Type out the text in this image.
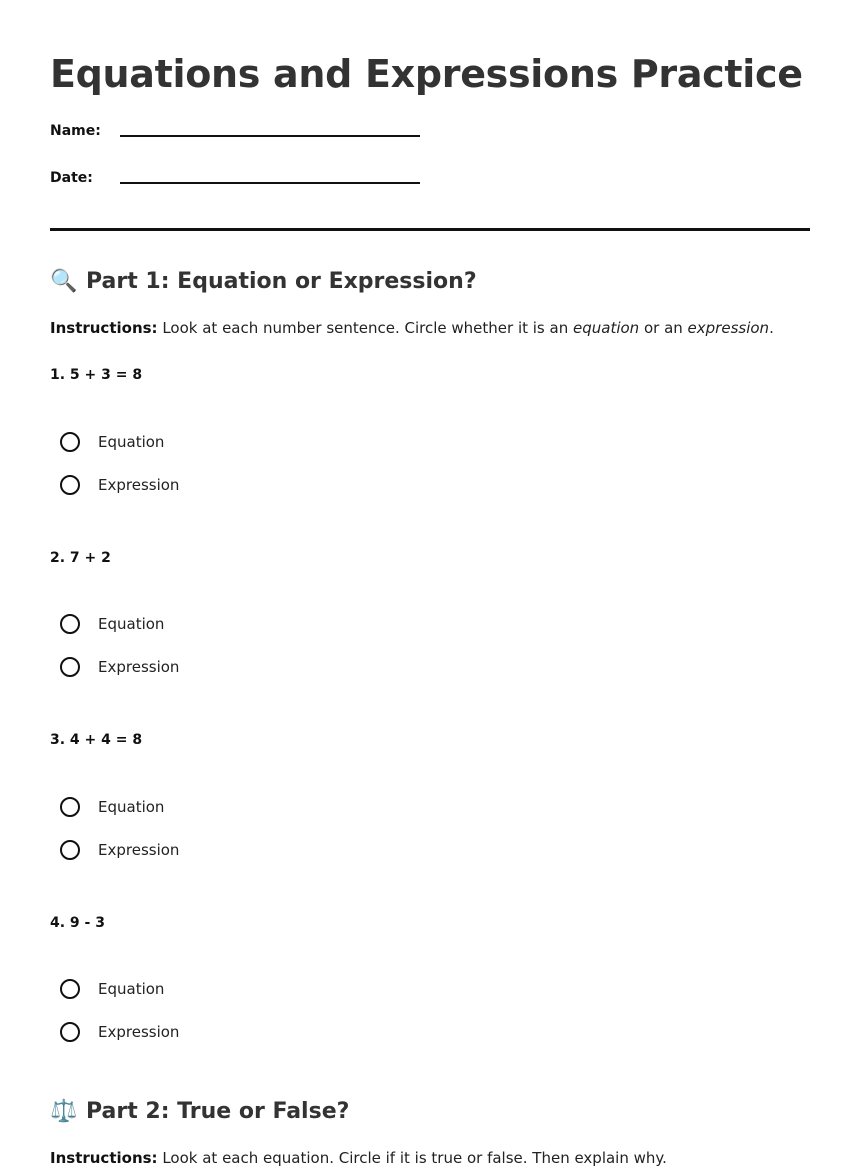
Equations and Expressions Practice
Name:
Date:
🔍 Part 1: Equation or Expression?
Instructions: Look at each number sentence. Circle whether it is an equation or an expression.
1. 5 + 3 = 8
Equation
Expression
2. 7 + 2
Equation
Expression
3. 4 + 4 = 8
Equation
Expression
4. 9 - 3
Equation
Expression
⚖️ Part 2: True or False?
Instructions: Look at each equation. Circle if it is true or false. Then explain why.
